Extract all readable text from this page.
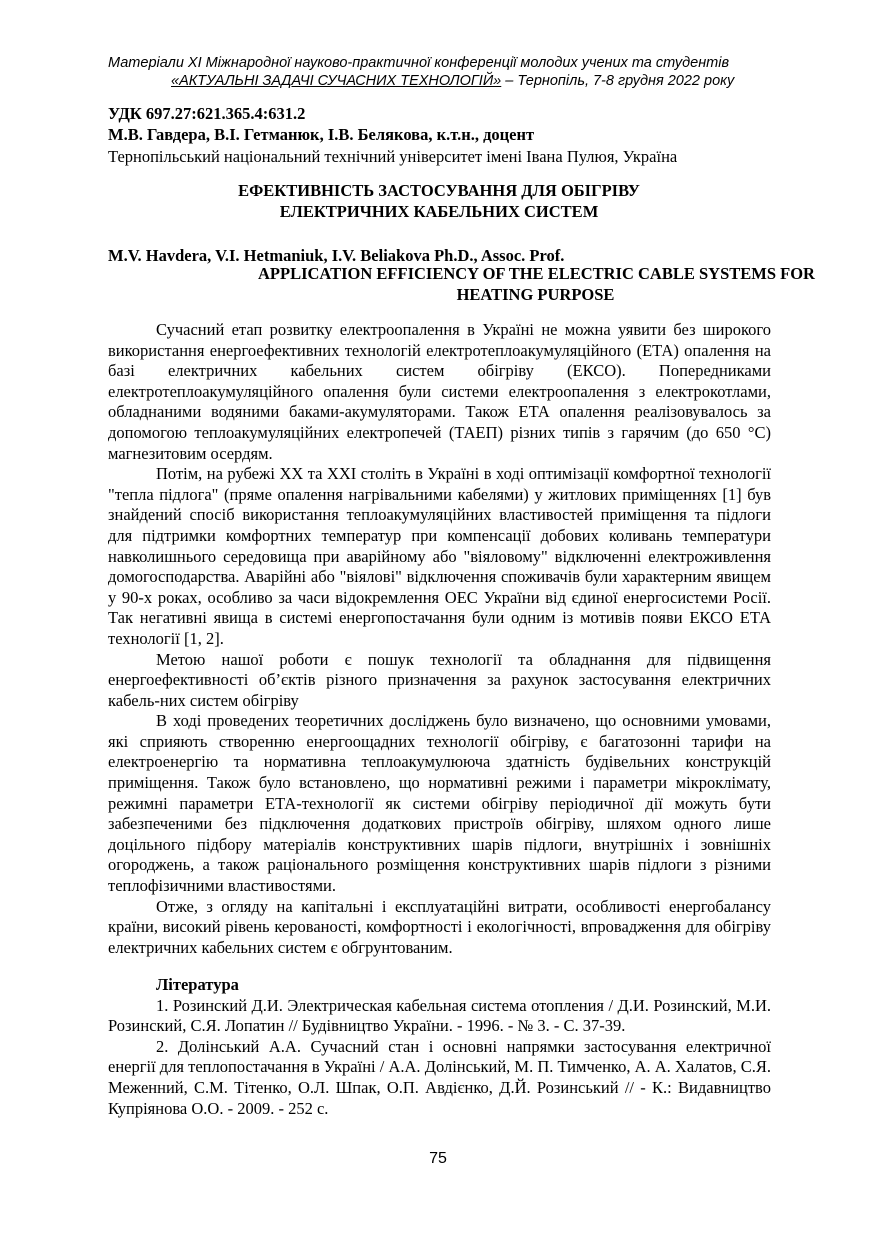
Матеріали XI Міжнародної науково-практичної конференції молодих учених та студентів
«АКТУАЛЬНІ ЗАДАЧІ СУЧАСНИХ ТЕХНОЛОГІЙ» – Тернопіль, 7-8 грудня 2022 року
УДК 697.27:621.365.4:631.2
М.В. Гавдера, В.І. Гетманюк, І.В. Белякова, к.т.н., доцент
Тернопільський національний технічний університет імені Івана Пулюя, Україна
ЕФЕКТИВНІСТЬ ЗАСТОСУВАННЯ ДЛЯ ОБІГРІВУ
ЕЛЕКТРИЧНИХ КАБЕЛЬНИХ СИСТЕМ
M.V. Havdera, V.I. Hetmaniuk, I.V. Beliakova Ph.D., Assoc. Prof.
APPLICATION EFFICIENCY OF THE ELECTRIC CABLE SYSTEMS FOR
HEATING PURPOSE

Сучасний етап розвитку електроопалення в Україні не можна уявити без широкого використання енергоефективних технологій електротеплоакумуляційного (ЕТА) опалення на базі електричних кабельних систем обігріву (ЕКСО). Попередниками електротеплоакумуляційного опалення були системи електроопалення з електрокотлами, обладнаними водяними баками-акумуляторами. Також ЕТА опалення реалізовувалось за допомогою теплоакумуляційних електропечей (ТАЕП) різних типів з гарячим (до 650 °С) магнезитовим осердям.

Потім, на рубежі XX та XXI століть в Україні в ході оптимізації комфортної технології "тепла підлога" (пряме опалення нагрівальними кабелями) у житлових приміщеннях [1] був знайдений спосіб використання теплоакумуляційних властивостей приміщення та підлоги для підтримки комфортних температур при компенсації добових коливань температури навколишнього середовища при аварійному або "віяловому" відключенні електроживлення домогосподарства. Аварійні або "віялові" відключення споживачів були характерним явищем у 90-х роках, особливо за часи відокремлення ОЕС України від єдиної енергосистеми Росії. Так негативні явища в системі енергопостачання були одним із мотивів появи ЕКСО ЕТА технології [1, 2].

Метою нашої роботи є пошук технології та обладнання для підвищення енергоефективності об’єктів різного призначення за рахунок застосування електричних кабель-них систем обігріву

В ході проведених теоретичних досліджень було визначено, що основними умовами, які сприяють створенню енергоощадних технології обігріву, є багатозонні тарифи на електроенергію та нормативна теплоакумулююча здатність будівельних конструкцій приміщення. Також було встановлено, що нормативні режими і параметри мікроклімату, режимні параметри ЕТА-технології як системи обігріву періодичної дії можуть бути забезпеченими без підключення додаткових пристроїв обігріву, шляхом одного лише доцільного підбору матеріалів конструктивних шарів підлоги, внутрішніх і зовнішніх огороджень, а також раціонального розміщення конструктивних шарів підлоги з різними теплофізичними властивостями.

Отже, з огляду на капітальні і експлуатаційні витрати, особливості енергобалансу країни, високий рівень керованості, комфортності і екологічності, впровадження для обігріву електричних кабельних систем є обгрунтованим.

Література

1. Розинский Д.И. Электрическая кабельная система отопления / Д.И. Розинский, М.И. Розинский, С.Я. Лопатин // Будівництво України. - 1996. - № 3. - С. 37-39.

2. Долінський А.А. Сучасний стан і основні напрямки застосування електричної енергії для теплопостачання в Україні / А.А. Долінський, М. П. Тимченко, А. А. Халатов, С.Я. Меженний, С.М. Тітенко, О.Л. Шпак, О.П. Авдієнко, Д.Й. Розинський // - К.: Видавництво Купріянова О.О. - 2009. - 252 с.

75
